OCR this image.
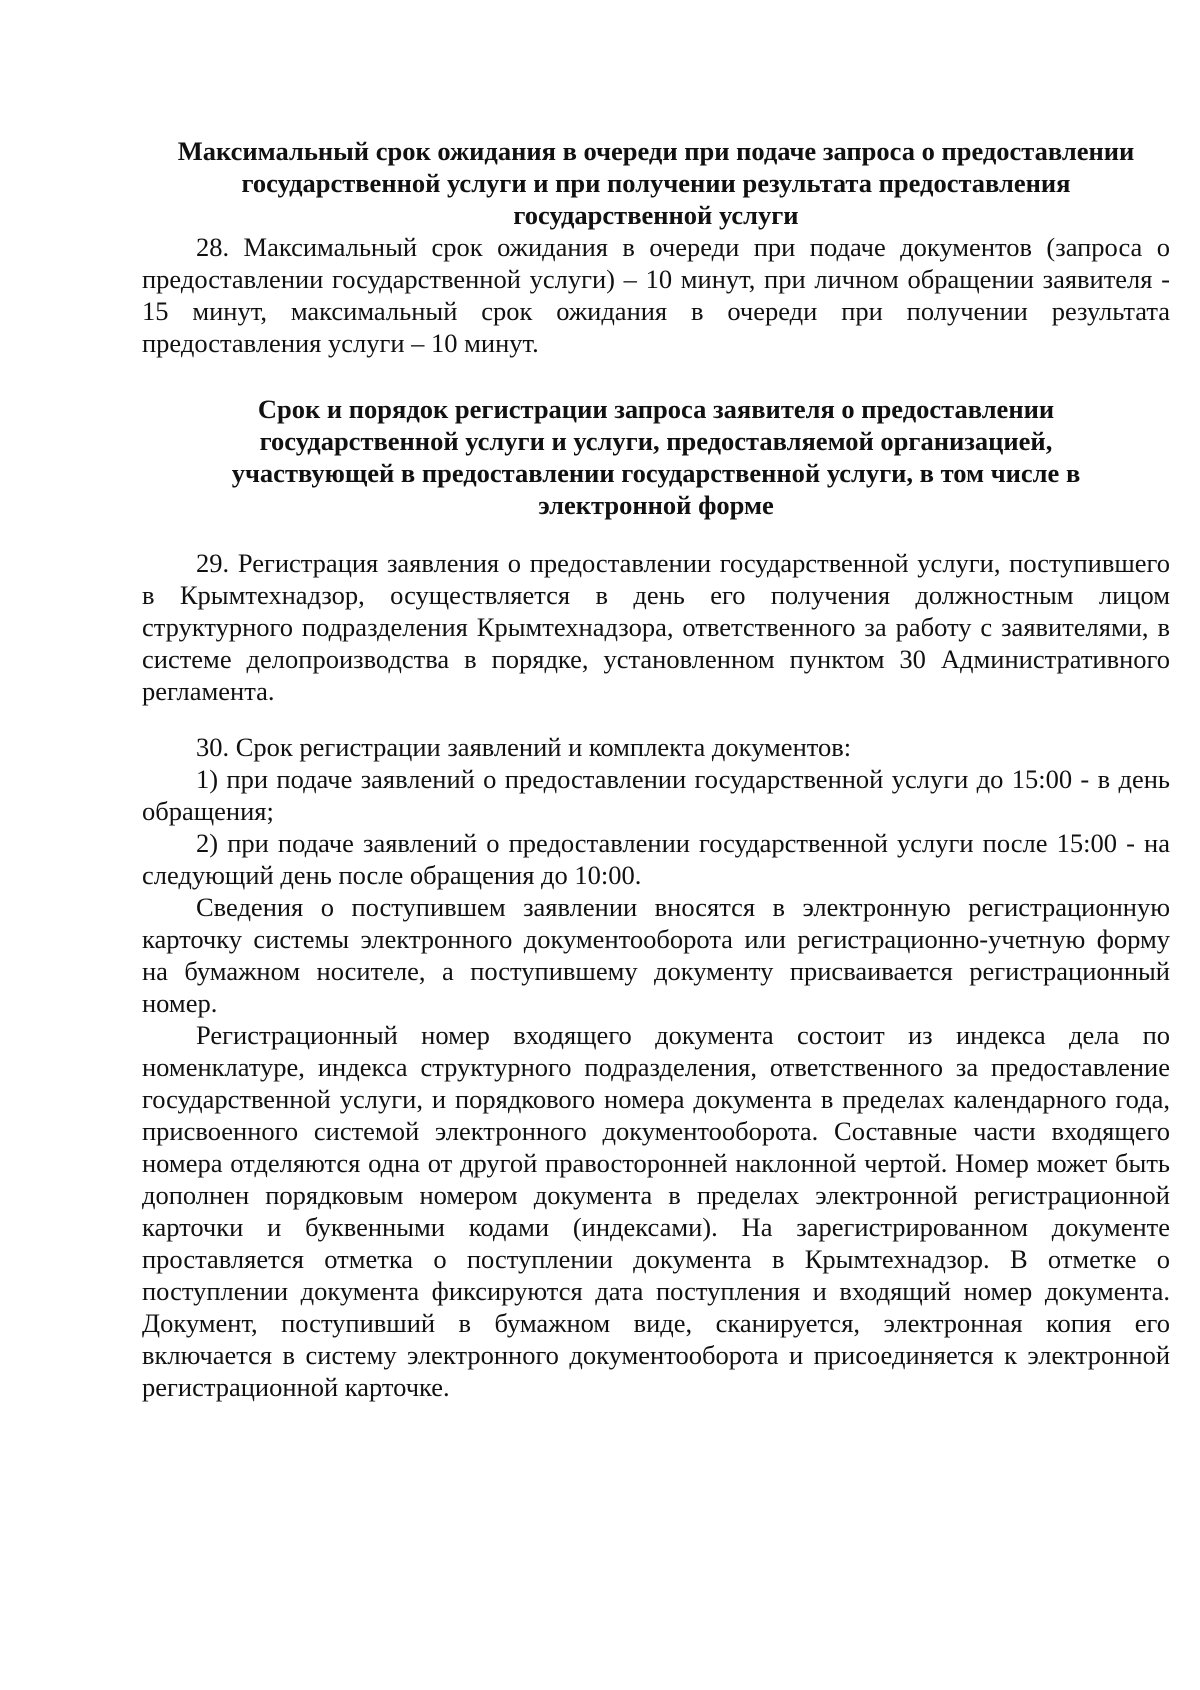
Максимальный срок ожидания в очереди при подаче запроса о предоставлении
государственной услуги и при получении результата предоставления
государственной услуги

28. Максимальный срок ожидания в очереди при подаче документов (запроса о предоставлении государственной услуги) – 10 минут, при личном обращении заявителя - 15 минут, максимальный срок ожидания в очереди при получении результата предоставления услуги – 10 минут.

Срок и порядок регистрации запроса заявителя о предоставлении
государственной услуги и услуги, предоставляемой организацией,
участвующей в предоставлении государственной услуги, в том числе в
электронной форме

29. Регистрация заявления о предоставлении государственной услуги, поступившего в Крымтехнадзор, осуществляется в день его получения должностным лицом структурного подразделения Крымтехнадзора, ответственного за работу с заявителями, в системе делопроизводства в порядке, установленном пунктом 30 Административного регламента.

30. Срок регистрации заявлений и комплекта документов:

1) при подаче заявлений о предоставлении государственной услуги до 15:00 - в день обращения;

2) при подаче заявлений о предоставлении государственной услуги после 15:00 - на следующий день после обращения до 10:00.

Сведения о поступившем заявлении вносятся в электронную регистрационную карточку системы электронного документооборота или регистрационно-учетную форму на бумажном носителе, а поступившему документу присваивается регистрационный номер.

Регистрационный номер входящего документа состоит из индекса дела по номенклатуре, индекса структурного подразделения, ответственного за предоставление государственной услуги, и порядкового номера документа в пределах календарного года, присвоенного системой электронного документооборота. Составные части входящего номера отделяются одна от другой правосторонней наклонной чертой. Номер может быть дополнен порядковым номером документа в пределах электронной регистрационной карточки и буквенными кодами (индексами). На зарегистрированном документе проставляется отметка о поступлении документа в Крымтехнадзор. В отметке о поступлении документа фиксируются дата поступления и входящий номер документа. Документ, поступивший в бумажном виде, сканируется, электронная копия его включается в систему электронного документооборота и присоединяется к электронной регистрационной карточке.
